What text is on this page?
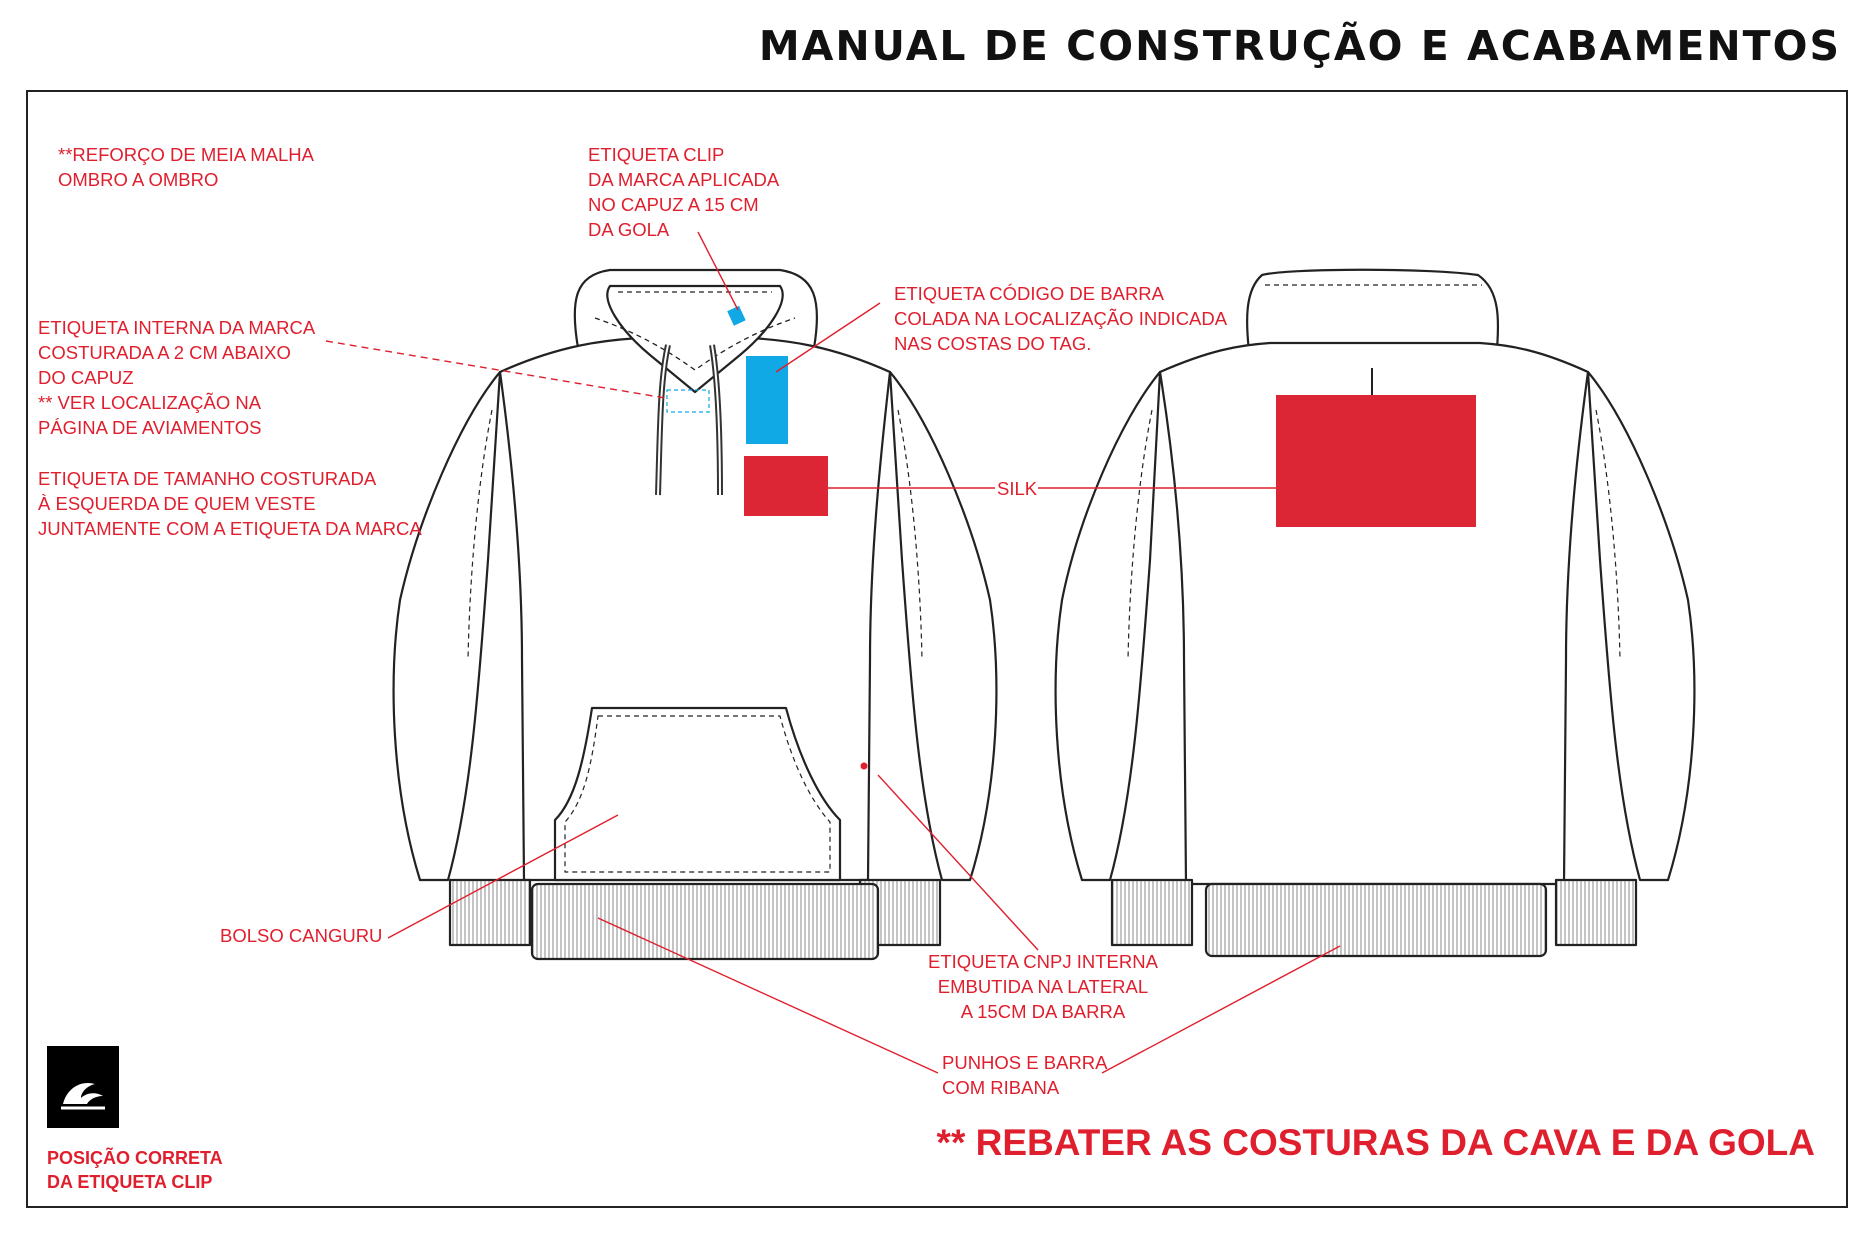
MANUAL DE CONSTRUÇÃO E ACABAMENTOS
**REFORÇO DE MEIA MALHA
OMBRO A OMBRO
ETIQUETA CLIP
DA MARCA APLICADA
NO CAPUZ A 15 CM
DA GOLA
ETIQUETA CÓDIGO DE BARRA
COLADA NA LOCALIZAÇÃO INDICADA
NAS COSTAS DO TAG.
ETIQUETA INTERNA DA MARCA
COSTURADA A 2 CM ABAIXO
DO CAPUZ
** VER LOCALIZAÇÃO NA
PÁGINA DE AVIAMENTOS
ETIQUETA DE TAMANHO COSTURADA
À ESQUERDA DE QUEM VESTE
JUNTAMENTE COM A ETIQUETA DA MARCA
SILK
BOLSO CANGURU
ETIQUETA CNPJ INTERNA
EMBUTIDA NA LATERAL
A 15CM DA BARRA
PUNHOS E BARRA
COM RIBANA
** REBATER AS COSTURAS DA CAVA E DA GOLA
POSIÇÃO CORRETA
DA ETIQUETA CLIP
